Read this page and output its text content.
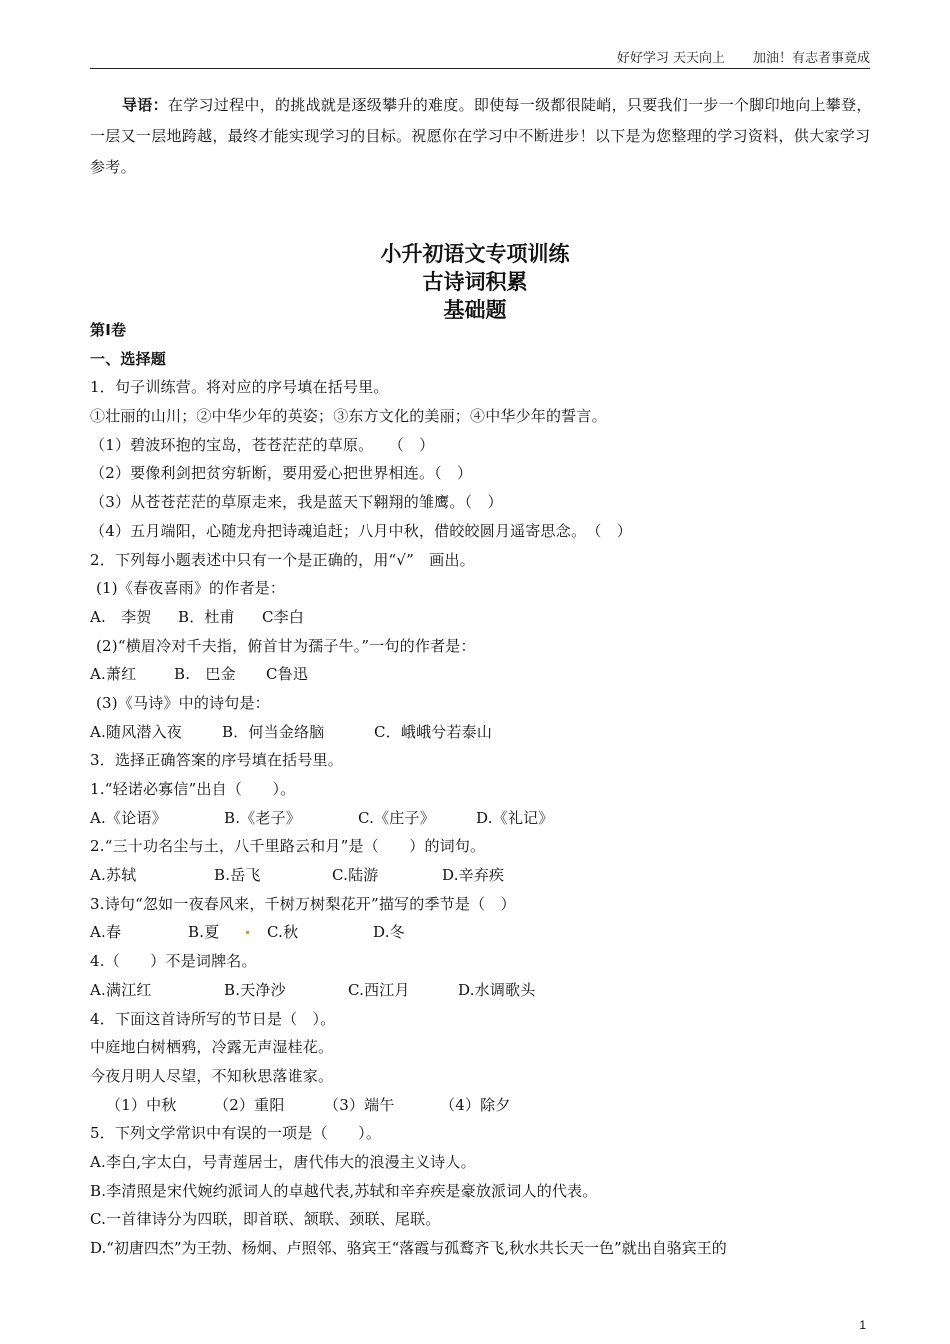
好好学习 天天向上 加油！有志者事竟成
导语：在学习过程中，的挑战就是逐级攀升的难度。即使每一级都很陡峭，只要我们一步一个脚印地向上攀登，一层又一层地跨越，最终才能实现学习的目标。祝愿你在学习中不断进步！以下是为您整理的学习资料，供大家学习参考。
小升初语文专项训练
古诗词积累
基础题
第I卷
一、选择题
1．句子训练营。将对应的序号填在括号里。
①壮丽的山川；②中华少年的英姿；③东方文化的美丽；④中华少年的誓言。
（1）碧波环抱的宝岛，苍苍茫茫的草原。　　（　）
（2）要像利剑把贫穷斩断，要用爱心把世界相连。（　）
（3）从苍苍茫茫的草原走来，我是蓝天下翱翔的雏鹰。（　）
（4）五月端阳，心随龙舟把诗魂追赶；八月中秋，借皎皎圆月遥寄思念。　（　）
2．下列每小题表述中只有一个是正确的，用“√”　画出。
(1)《春夜喜雨》的作者是：
A.　李贺 B．杜甫 C李白
(2)“横眉冷对千夫指，俯首甘为孺子牛。”一句的作者是：
A.萧红	B.　巴金 C鲁迅
(3)《马诗》中的诗句是：
A.随风潜入夜	B．何当金络脑	C．峨峨兮若泰山
3．选择正确答案的序号填在括号里。
1.“轻诺必寡信”出自（　　）。
A.《论语》	B.《老子》	C.《庄子》	D.《礼记》
2.“三十功名尘与土，八千里路云和月”是（　　）的词句。
A.苏轼	B.岳飞	C.陆游	D.辛弃疾
3.诗句“忽如一夜春风来，千树万树梨花开”描写的季节是（　）
A.春	B.夏	C.秋	D.冬
4.（　　）不是词牌名。
A.满江红	B.天净沙	C.西江月	D.水调歌头
4．下面这首诗所写的节日是（　）。
中庭地白树栖鸦，冷露无声湿桂花。
今夜月明人尽望，不知秋思落谁家。
（1）中秋 （2）重阳	（3）端午	（4）除夕
5．下列文学常识中有误的一项是（　　）。
A.李白,字太白，号青莲居士，唐代伟大的浪漫主义诗人。
B.李清照是宋代婉约派词人的卓越代表,苏轼和辛弃疾是豪放派词人的代表。
C.一首律诗分为四联，即首联、颔联、颈联、尾联。
D.“初唐四杰”为王勃、杨炯、卢照邻、骆宾王“落霞与孤鹜齐飞,秋水共长天一色”就出自骆宾王的
1
